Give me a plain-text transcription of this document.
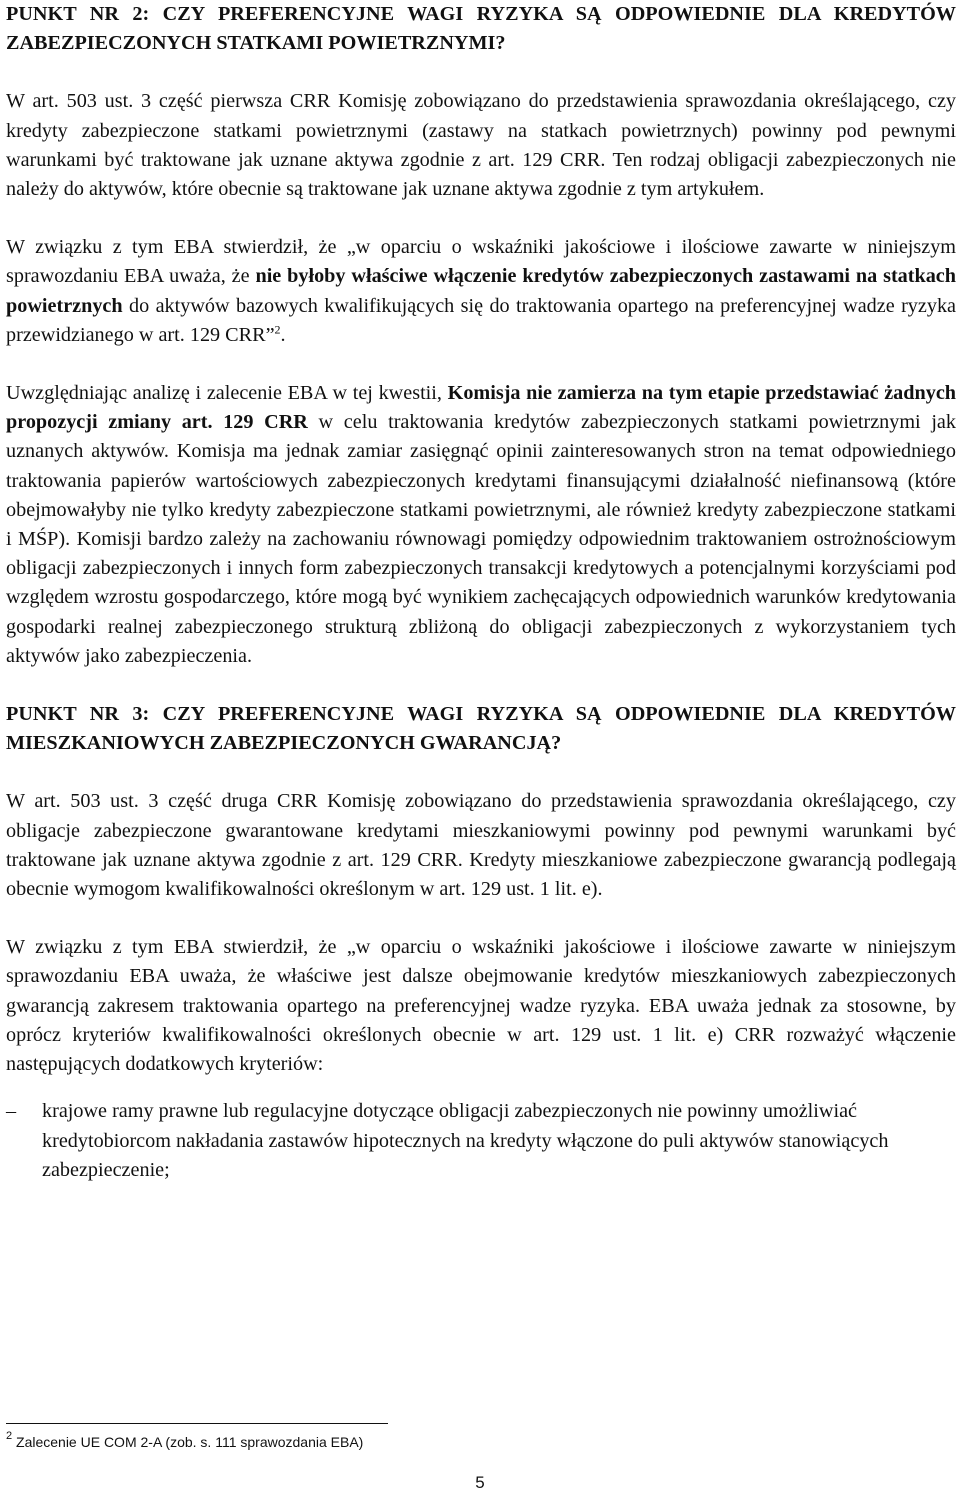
PUNKT NR 2: CZY PREFERENCYJNE WAGI RYZYKA SĄ ODPOWIEDNIE DLA KREDYTÓW ZABEZPIECZONYCH STATKAMI POWIETRZNYMI?

W art. 503 ust. 3 część pierwsza CRR Komisję zobowiązano do przedstawienia sprawozdania określającego, czy kredyty zabezpieczone statkami powietrznymi (zastawy na statkach powietrznych) powinny pod pewnymi warunkami być traktowane jak uznane aktywa zgodnie z art. 129 CRR. Ten rodzaj obligacji zabezpieczonych nie należy do aktywów, które obecnie są traktowane jak uznane aktywa zgodnie z tym artykułem.

W związku z tym EBA stwierdził, że „w oparciu o wskaźniki jakościowe i ilościowe zawarte w niniejszym sprawozdaniu EBA uważa, że nie byłoby właściwe włączenie kredytów zabezpieczonych zastawami na statkach powietrznych do aktywów bazowych kwalifikujących się do traktowania opartego na preferencyjnej wadze ryzyka przewidzianego w art. 129 CRR”$^2$.

Uwzględniając analizę i zalecenie EBA w tej kwestii, Komisja nie zamierza na tym etapie przedstawiać żadnych propozycji zmiany art. 129 CRR w celu traktowania kredytów zabezpieczonych statkami powietrznymi jak uznanych aktywów. Komisja ma jednak zamiar zasięgnąć opinii zainteresowanych stron na temat odpowiedniego traktowania papierów wartościowych zabezpieczonych kredytami finansującymi działalność niefinansową (które obejmowałyby nie tylko kredyty zabezpieczone statkami powietrznymi, ale również kredyty zabezpieczone statkami i MŚP). Komisji bardzo zależy na zachowaniu równowagi pomiędzy odpowiednim traktowaniem ostrożnościowym obligacji zabezpieczonych i innych form zabezpieczonych transakcji kredytowych a potencjalnymi korzyściami pod względem wzrostu gospodarczego, które mogą być wynikiem zachęcających odpowiednich warunków kredytowania gospodarki realnej zabezpieczonego strukturą zbliżoną do obligacji zabezpieczonych z wykorzystaniem tych aktywów jako zabezpieczenia.

PUNKT NR 3: CZY PREFERENCYJNE WAGI RYZYKA SĄ ODPOWIEDNIE DLA KREDYTÓW MIESZKANIOWYCH ZABEZPIECZONYCH GWARANCJĄ?

W art. 503 ust. 3 część druga CRR Komisję zobowiązano do przedstawienia sprawozdania określającego, czy obligacje zabezpieczone gwarantowane kredytami mieszkaniowymi powinny pod pewnymi warunkami być traktowane jak uznane aktywa zgodnie z art. 129 CRR. Kredyty mieszkaniowe zabezpieczone gwarancją podlegają obecnie wymogom kwalifikowalności określonym w art. 129 ust. 1 lit. e).

W związku z tym EBA stwierdził, że „w oparciu o wskaźniki jakościowe i ilościowe zawarte w niniejszym sprawozdaniu EBA uważa, że właściwe jest dalsze obejmowanie kredytów mieszkaniowych zabezpieczonych gwarancją zakresem traktowania opartego na preferencyjnej wadze ryzyka. EBA uważa jednak za stosowne, by oprócz kryteriów kwalifikowalności określonych obecnie w art. 129 ust. 1 lit. e) CRR rozważyć włączenie następujących dodatkowych kryteriów:

– krajowe ramy prawne lub regulacyjne dotyczące obligacji zabezpieczonych nie powinny umożliwiać kredytobiorcom nakładania zastawów hipotecznych na kredyty włączone do puli aktywów stanowiących zabezpieczenie;
$^2$ Zalecenie UE COM 2-A (zob. s. 111 sprawozdania EBA)
5
